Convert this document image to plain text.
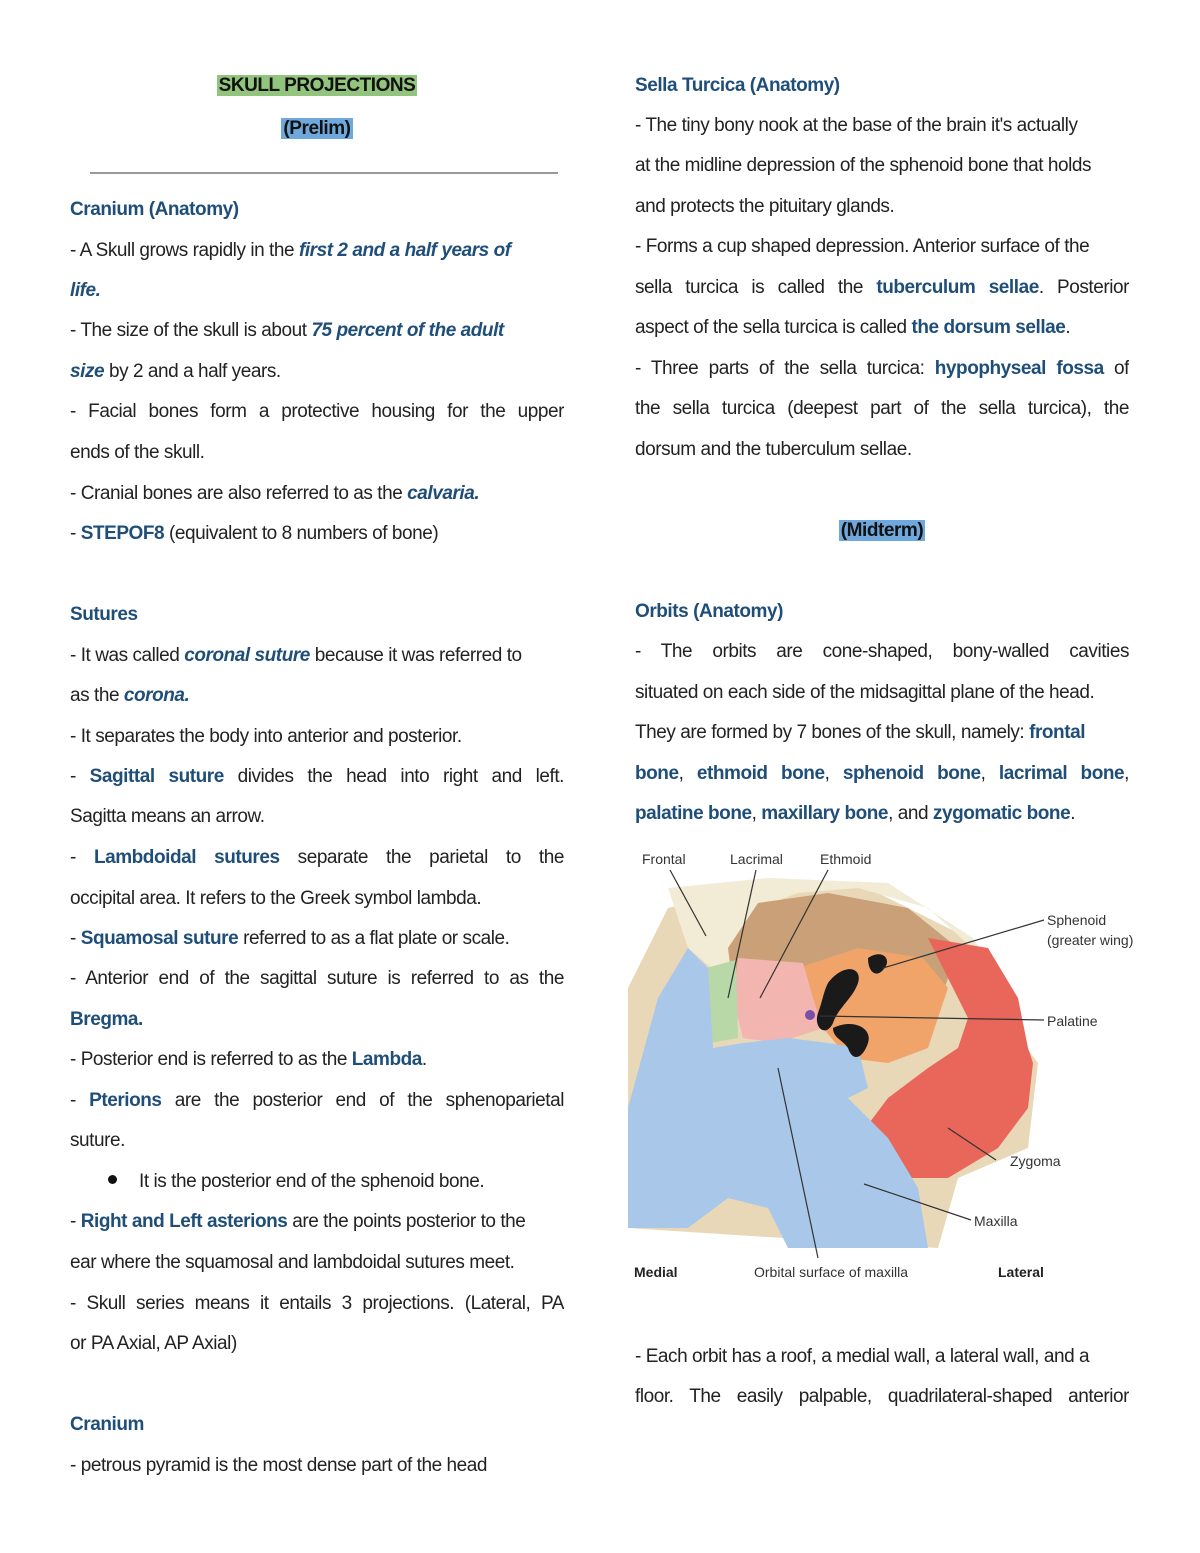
SKULL PROJECTIONS
(Prelim)
Cranium (Anatomy)
- A Skull grows rapidly in the first 2 and a half years of
life.
- The size of the skull is about 75 percent of the adult
size by 2 and a half years.
- Facial bones form a protective housing for the upper
ends of the skull.
- Cranial bones are also referred to as the calvaria.
- STEPOF8 (equivalent to 8 numbers of bone)
Sutures
- It was called coronal suture because it was referred to
as the corona.
- It separates the body into anterior and posterior.
- Sagittal suture divides the head into right and left.
Sagitta means an arrow.
- Lambdoidal sutures separate the parietal to the
occipital area. It refers to the Greek symbol lambda.
- Squamosal suture referred to as a flat plate or scale.
- Anterior end of the sagittal suture is referred to as the
Bregma.
- Posterior end is referred to as the Lambda.
- Pterions are the posterior end of the sphenoparietal
suture.
It is the posterior end of the sphenoid bone.
- Right and Left asterions are the points posterior to the
ear where the squamosal and lambdoidal sutures meet.
- Skull series means it entails 3 projections. (Lateral, PA
or PA Axial, AP Axial)
Cranium
- petrous pyramid is the most dense part of the head
Sella Turcica (Anatomy)
- The tiny bony nook at the base of the brain it's actually
at the midline depression of the sphenoid bone that holds
and protects the pituitary glands.
- Forms a cup shaped depression. Anterior surface of the
sella turcica is called the tuberculum sellae. Posterior
aspect of the sella turcica is called the dorsum sellae.
- Three parts of the sella turcica: hypophyseal fossa of
the sella turcica (deepest part of the sella turcica), the
dorsum and the tuberculum sellae.
(Midterm)
Orbits (Anatomy)
- The orbits are cone-shaped, bony-walled cavities
situated on each side of the midsagittal plane of the head.
They are formed by 7 bones of the skull, namely: frontal
bone, ethmoid bone, sphenoid bone, lacrimal bone,
palatine bone, maxillary bone, and zygomatic bone.
- Each orbit has a roof, a medial wall, a lateral wall, and a
floor. The easily palpable, quadrilateral-shaped anterior
Frontal	Lacrimal	Ethmoid
Sphenoid
(greater wing)
Palatine
Zygoma
Maxilla
Medial	Orbital surface of maxilla	Lateral
